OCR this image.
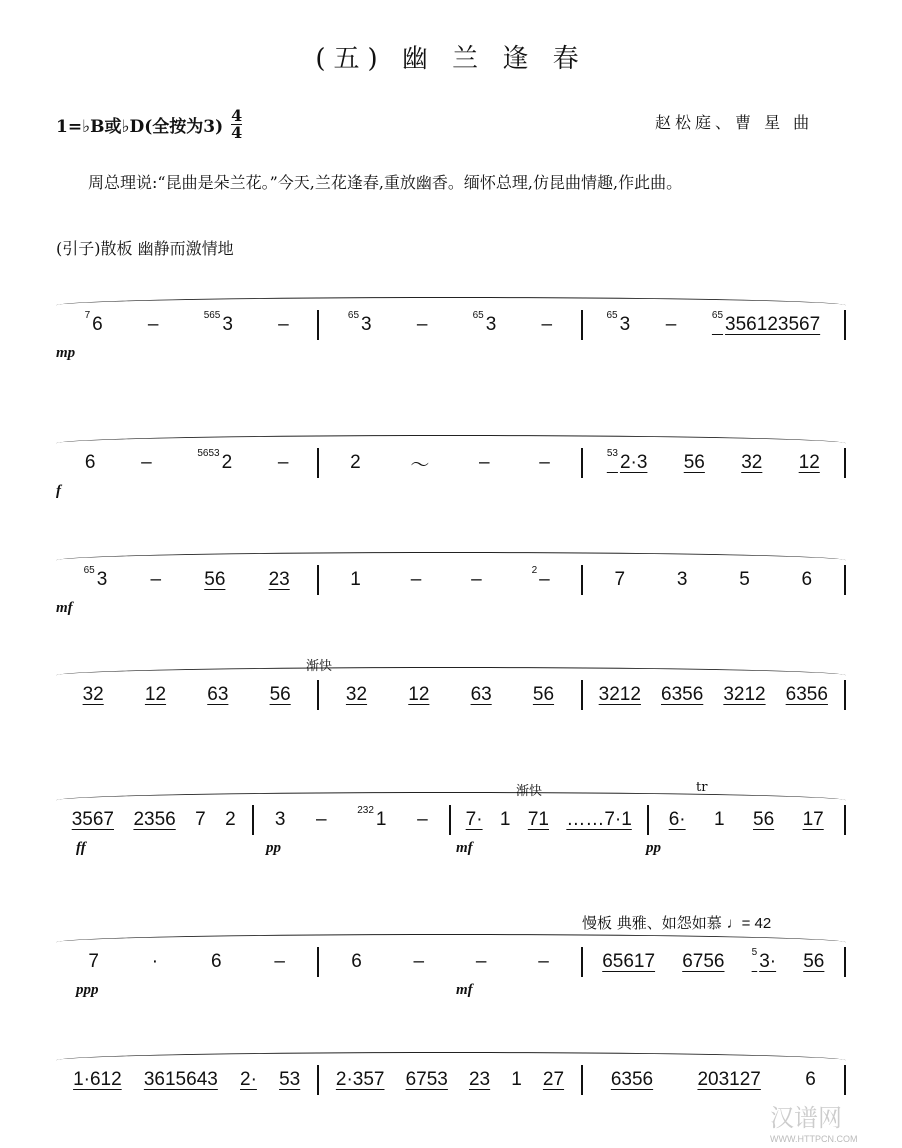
(五) 幽 兰 逢 春
1=♭B或♭D(全按为3)
4
4
赵松庭、曹 星 曲
周总理说:“昆曲是朵兰花。”今天,兰花逢春,重放幽香。缅怀总理,仿昆曲情趣,作此曲。
(引子)散板 幽静而激情地
慢板 典雅、如怨如慕 ♩= 42
$^7$ 6 –	$^{565}$ 3 –	$^{65}$ 3 –	$^{65}$ 3 –	$^{65}$ 3 –	$^{65}$ 356123567
mp
6 –	$^{5653}$ 2 –	2	～	–	–	$^{53}$ 2·3 56 32 12
f
$^{65}$ 3 – 56 23	1	–	–	$^2$ –	7	3	5	6
mf
32 12 63 56	32 12 63 56 3212 6356 3212 6356
渐快
3567 2356 7 2 3 –	$^{232}$ 1 – 7· 1 71 ……7·1 6· 1 56 17
ff	pp	mf	pp
渐快	tr
7	·	6	–	6	–	–	–	65617 6756	$^5$ 3· 56
ppp	mf
1·612 3615643 2· 53 2·357 6753 23 1 27 6356 203127 6
汉谱网
WWW.HTTPCN.COM
